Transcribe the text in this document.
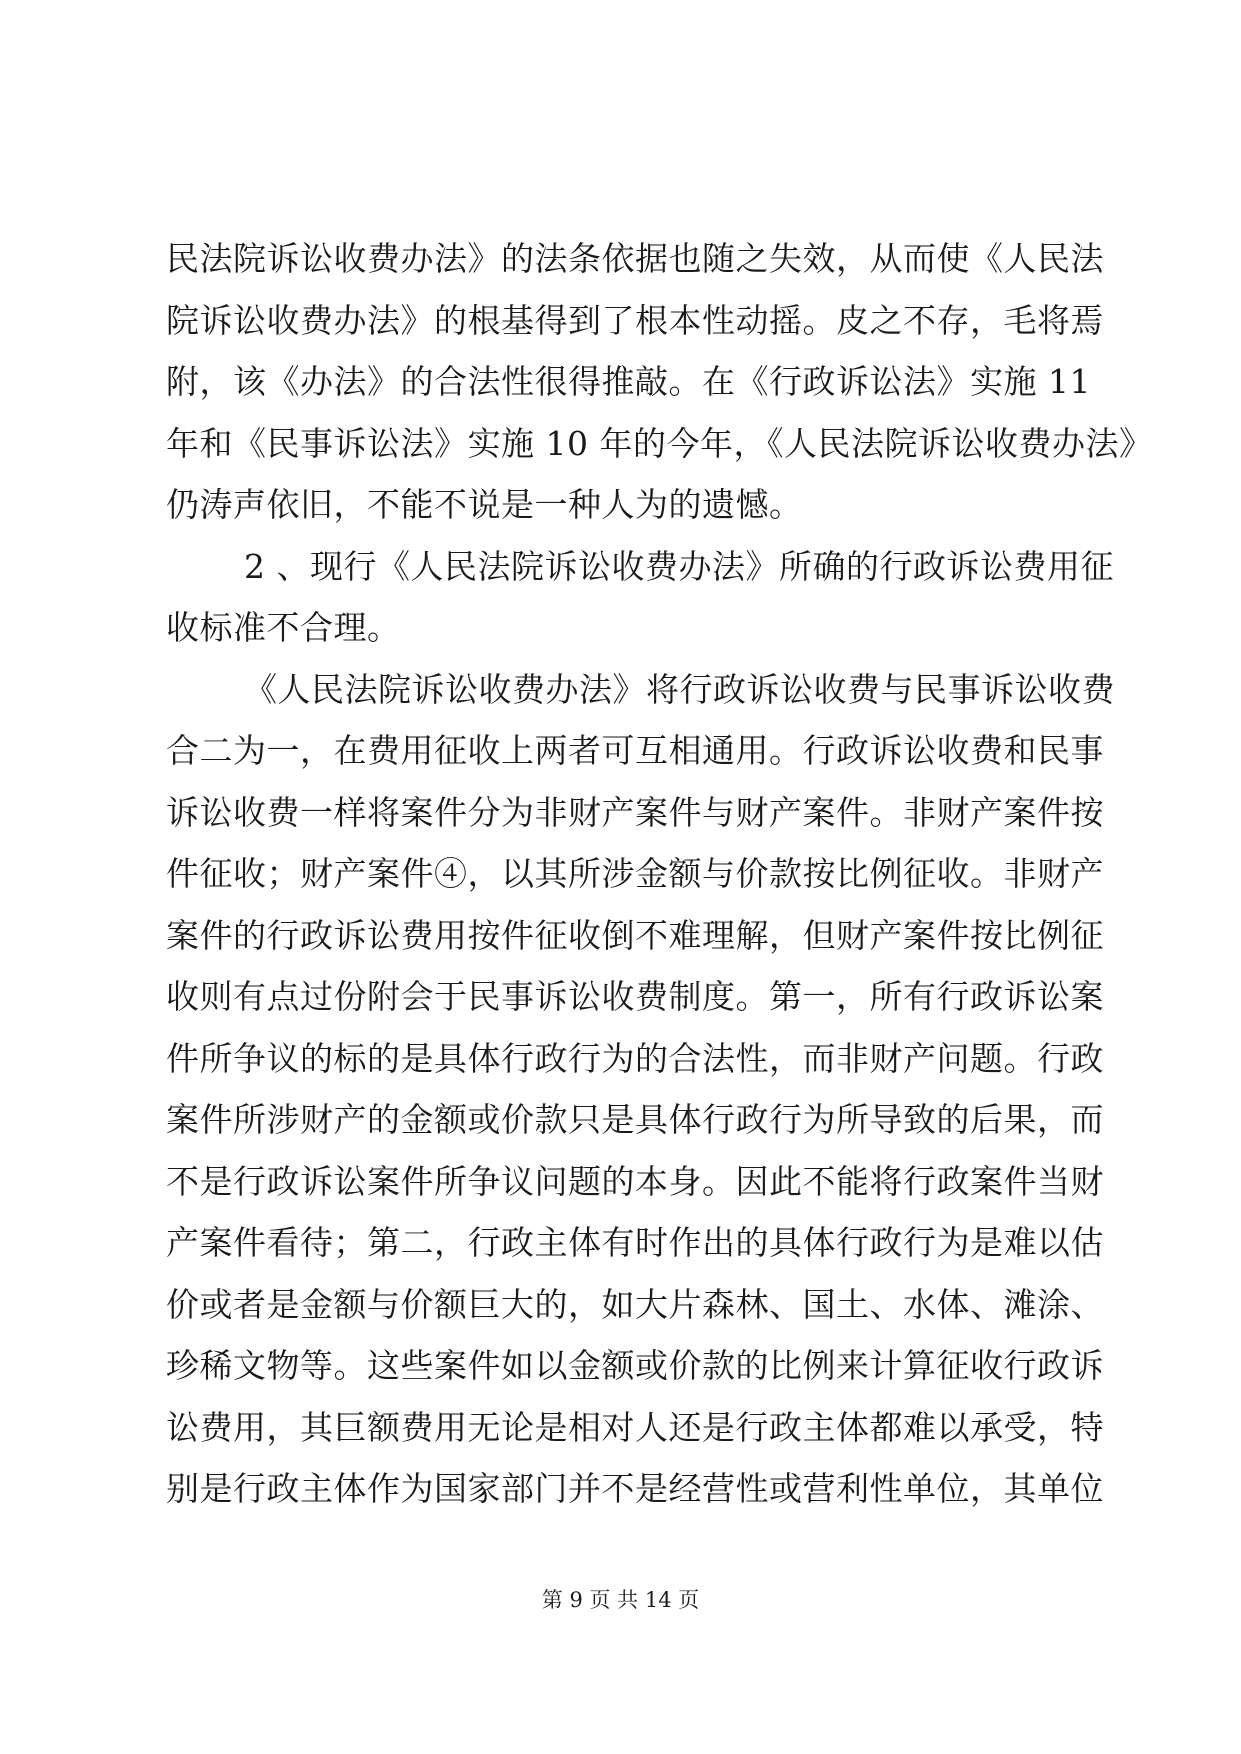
民法院诉讼收费办法》的法条依据也随之失效，从而使《人民法
院诉讼收费办法》的根基得到了根本性动摇。皮之不存，毛将焉
附，该《办法》的合法性很得推敲。在《行政诉讼法》实施 11
年和《民事诉讼法》实施 10 年的今年，《人民法院诉讼收费办法》
仍涛声依旧，不能不说是一种人为的遗憾。
2 、现行《人民法院诉讼收费办法》所确的行政诉讼费用征
收标准不合理。
《人民法院诉讼收费办法》将行政诉讼收费与民事诉讼收费
合二为一，在费用征收上两者可互相通用。行政诉讼收费和民事
诉讼收费一样将案件分为非财产案件与财产案件。非财产案件按
件征收；财产案件④，以其所涉金额与价款按比例征收。非财产
案件的行政诉讼费用按件征收倒不难理解，但财产案件按比例征
收则有点过份附会于民事诉讼收费制度。第一，所有行政诉讼案
件所争议的标的是具体行政行为的合法性，而非财产问题。行政
案件所涉财产的金额或价款只是具体行政行为所导致的后果，而
不是行政诉讼案件所争议问题的本身。因此不能将行政案件当财
产案件看待；第二，行政主体有时作出的具体行政行为是难以估
价或者是金额与价额巨大的，如大片森林、国土、水体、滩涂、
珍稀文物等。这些案件如以金额或价款的比例来计算征收行政诉
讼费用，其巨额费用无论是相对人还是行政主体都难以承受，特
别是行政主体作为国家部门并不是经营性或营利性单位，其单位
第 9 页 共 14 页
